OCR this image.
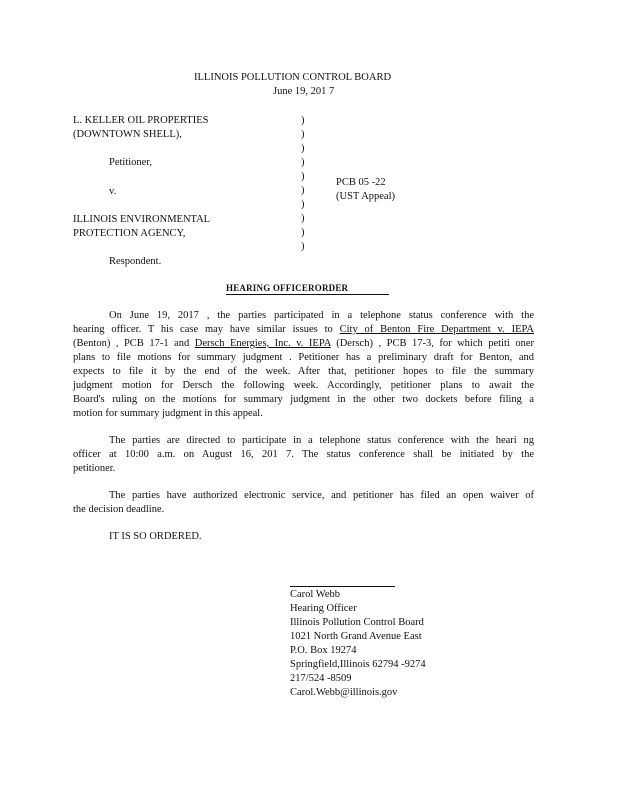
ILLINOIS POLLUTION CONTROL BOARD
June 19, 201 7
L. KELLER OIL PROPERTIES
(DOWNTOWN SHELL),
Petitioner,
v.
ILLINOIS ENVIRONMENTAL
PROTECTION AGENCY,
Respondent.
)
)
)
)
)
)
)
)
)
)
PCB 05 -22
(UST Appeal)
HEARING OFFICERORDER
On June 19, 2017 , the parties participated in a telephone status conference with the
hearing officer. T his case may have similar issues to City of Benton Fire Department v. IEPA
(Benton) , PCB 17-1 and Dersch Energies, Inc. v. IEPA (Dersch) , PCB 17-3, for which petiti oner
plans to file motions for summary judgment . Petitioner has a preliminary draft for Benton, and
expects to file it by the end of the week. After that, petitioner hopes to file the summary
judgment motion for Dersch the following week. Accordingly, petitioner plans to await the
Board's ruling on the motions for summary judgment in the other two dockets before filing a
motion for summary judgment in this appeal.
The parties are directed to participate in a telephone status conference with the heari ng
officer at 10:00 a.m. on August 16, 201 7. The status conference shall be initiated by the
petitioner.
The parties have authorized electronic service, and petitioner has filed an open waiver of
the decision deadline.
IT IS SO ORDERED.
Carol Webb
Hearing Officer
Illinois Pollution Control Board
1021 North Grand Avenue East
P.O. Box 19274
Springfield,Illinois 62794 -9274
217/524 -8509
Carol.Webb@illinois.gov
